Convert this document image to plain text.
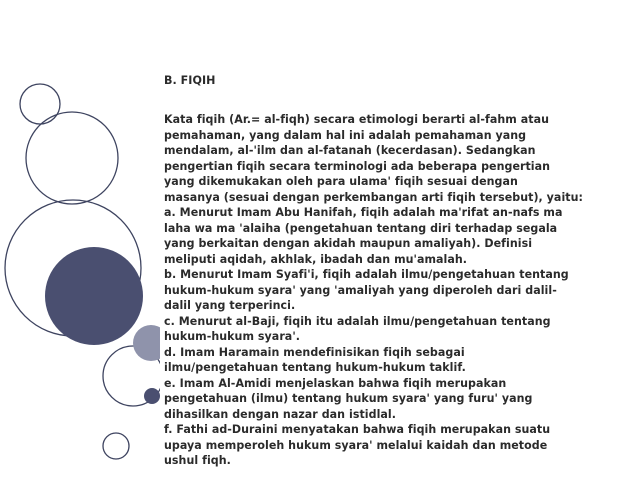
B. FIQIH
Kata fiqih (Ar.= al-fiqh) secara etimologi berarti al-fahm atau
pemahaman, yang dalam hal ini adalah pemahaman yang
mendalam, al-'ilm dan al-fatanah (kecerdasan). Sedangkan
pengertian fiqih secara terminologi ada beberapa pengertian
yang dikemukakan oleh para ulama' fiqih sesuai dengan
masanya (sesuai dengan perkembangan arti fiqih tersebut), yaitu:
a. Menurut Imam Abu Hanifah, fiqih adalah ma'rifat an-nafs ma
laha wa ma 'alaiha (pengetahuan tentang diri terhadap segala
yang berkaitan dengan akidah maupun amaliyah). Definisi
meliputi aqidah, akhlak, ibadah dan mu'amalah.
b. Menurut Imam Syafi'i, fiqih adalah ilmu/pengetahuan tentang
hukum-hukum syara' yang 'amaliyah yang diperoleh dari dalil-
dalil yang terperinci.
c. Menurut al-Baji, fiqih itu adalah ilmu/pengetahuan tentang
hukum-hukum syara'.
d. Imam Haramain mendefinisikan fiqih sebagai
ilmu/pengetahuan tentang hukum-hukum taklif.
e. Imam Al-Amidi menjelaskan bahwa fiqih merupakan
pengetahuan (ilmu) tentang hukum syara' yang furu' yang
dihasilkan dengan nazar dan istidlal.
f. Fathi ad-Duraini menyatakan bahwa fiqih merupakan suatu
upaya memperoleh hukum syara' melalui kaidah dan metode
ushul fiqh.
